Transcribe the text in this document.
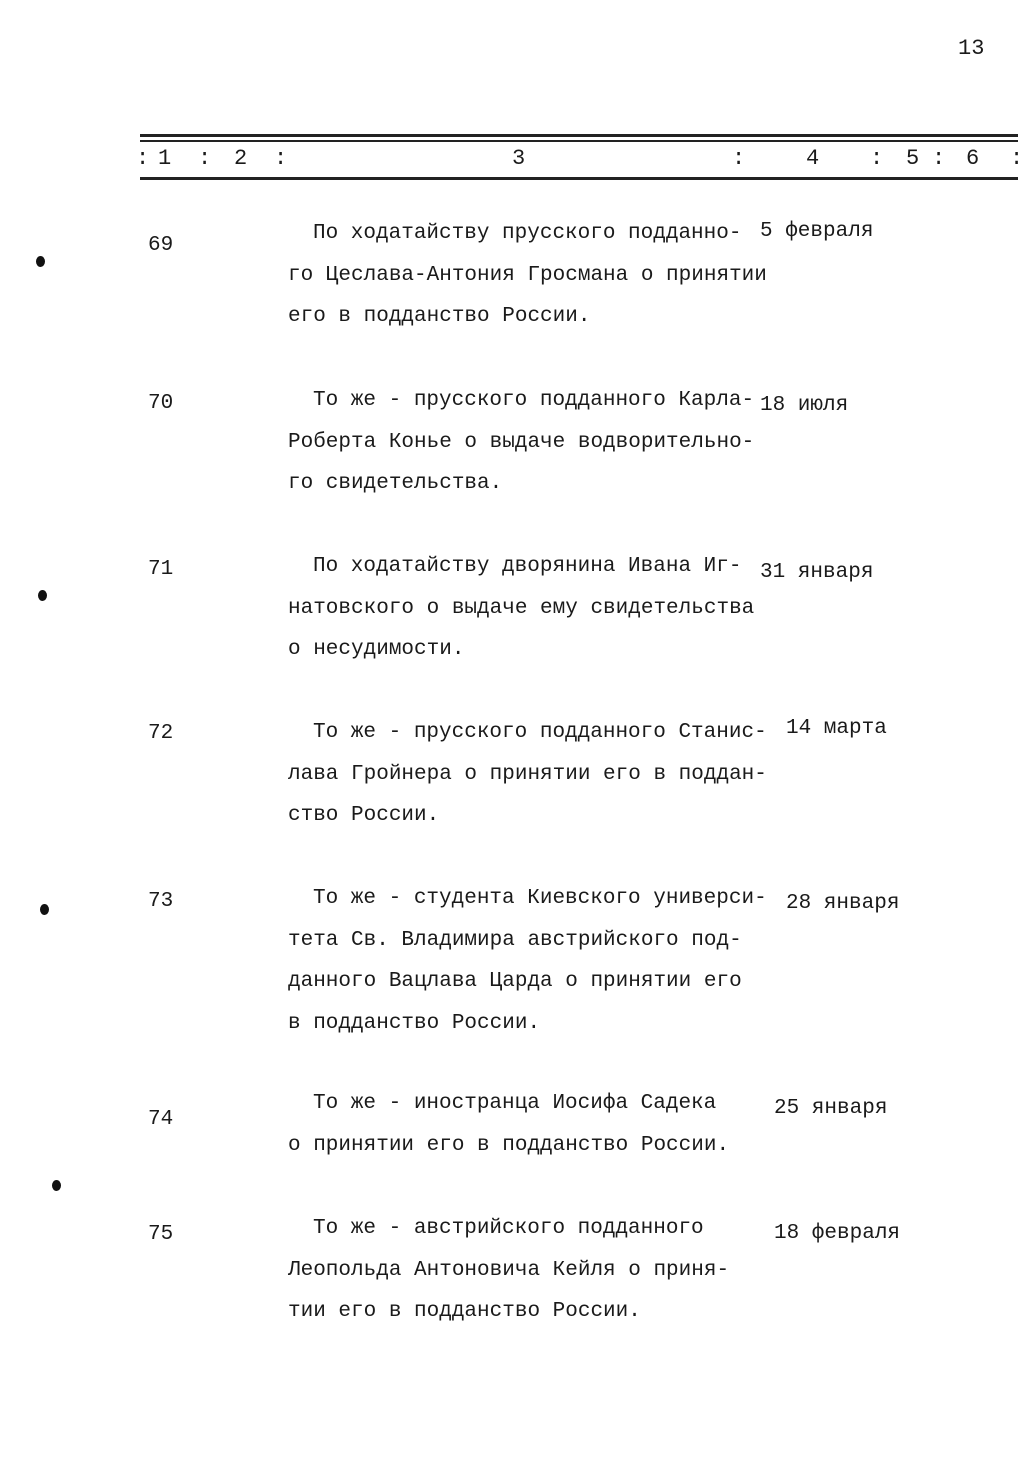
13
: 1 : 2 :	3	:	4 : 5 : 6 :
69
По ходатайству прусского подданно-
го Цеслава-Антония Гросмана о принятии
его в подданство России.
5 февраля
70	То же - прусского подданного Карла-
Роберта Конье о выдаче водворительно-
го свидетельства.
18 июля
71	По ходатайству дворянина Ивана Иг-
натовского о выдаче ему свидетельства
о несудимости.
31 января
72	То же - прусского подданного Станис-
лава Гройнера о принятии его в поддан-
ство России.
14 марта
73	То же - студента Киевского универси-
тета Св. Владимира австрийского под-
данного Вацлава Царда о принятии его
в подданство России.
28 января
74
То же - иностранца Иосифа Садека
о принятии его в подданство России.
25 января
75	То же - австрийского подданного
Леопольда Антоновича Кейля о приня-
тии его в подданство России.
18 февраля
